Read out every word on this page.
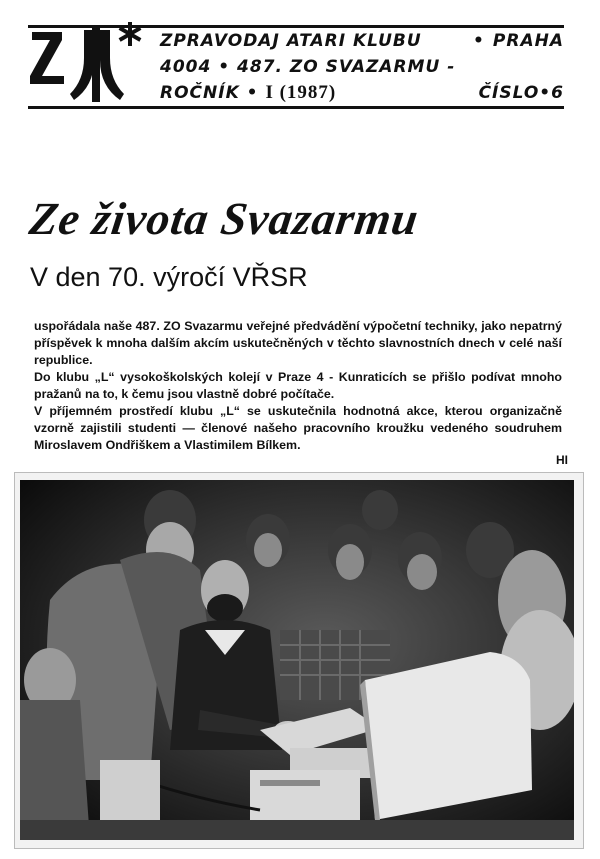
ZPRAVODAJ ATARI KLUBU	• PRAHA
4004 • 487. ZO SVAZARMU -
ROČNÍK • I (1987)	ČÍSLO•6
Ze života Svazarmu
V den 70. výročí VŘSR

uspořádala naše 487. ZO Svazarmu veřejné předvádění výpočetní techniky, jako nepatrný příspěvek k mnoha dalším akcím uskutečněných v těchto slavnostních dnech v celé naší republice.

Do klubu „L“ vysokoškolských kolejí v Praze 4 - Kunraticích se přišlo podívat mnoho pražanů na to, k čemu jsou vlastně dobré počítače.

V příjemném prostředí klubu „L“ se uskutečnila hodnotná akce, kterou organizačně vzorně zajistili studenti — členové našeho pracovního kroužku vedeného soudruhem Miroslavem Ondřiškem a Vlastimilem Bílkem.

HI
